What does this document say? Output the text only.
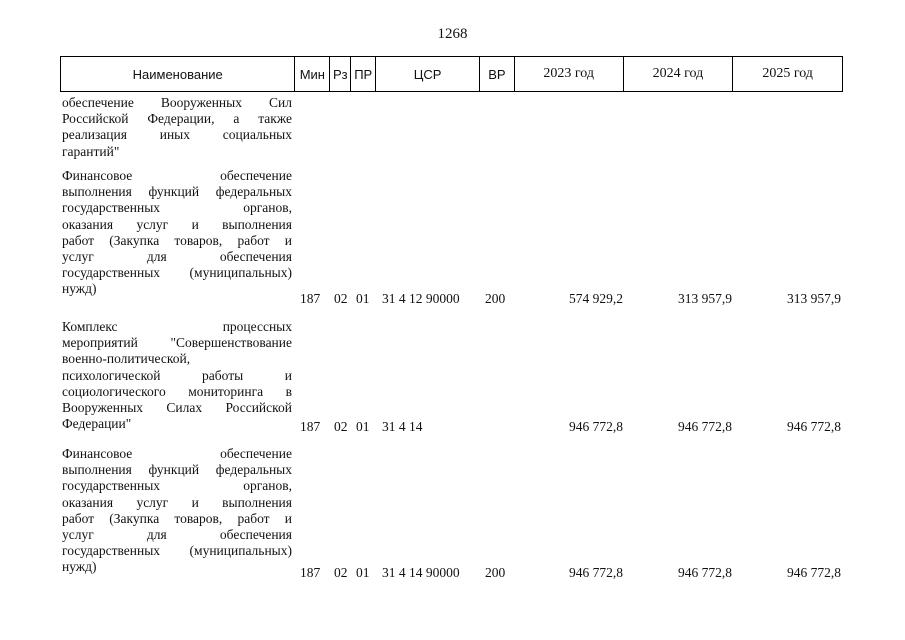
1268
Наименование	Мин Рз ПР	ЦСР	ВР	2023 год	2024 год	2025 год
обеспечение Вооруженных Сил
Российской Федерации, а также
реализация иных социальных
гарантий"
Финансовое	обеспечение
выполнения функций федеральных
государственных	органов,
оказания услуг и выполнения
работ (Закупка товаров, работ и
услуг	для	обеспечения
государственных (муниципальных)
нужд)
187 02 01 31 4 12 90000 200	574 929,2	313 957,9	313 957,9
Комплекс	процессных
мероприятий "Совершенствование
военно-политической,
психологической	работы	и
социологического мониторинга в
Вооруженных Силах Российской
Федерации"	187 02 01 31 4 14	946 772,8	946 772,8	946 772,8
Финансовое	обеспечение
выполнения функций федеральных
государственных	органов,
оказания услуг и выполнения
работ (Закупка товаров, работ и
услуг	для	обеспечения
государственных (муниципальных)
нужд)	187 02 01 31 4 14 90000 200	946 772,8	946 772,8	946 772,8
